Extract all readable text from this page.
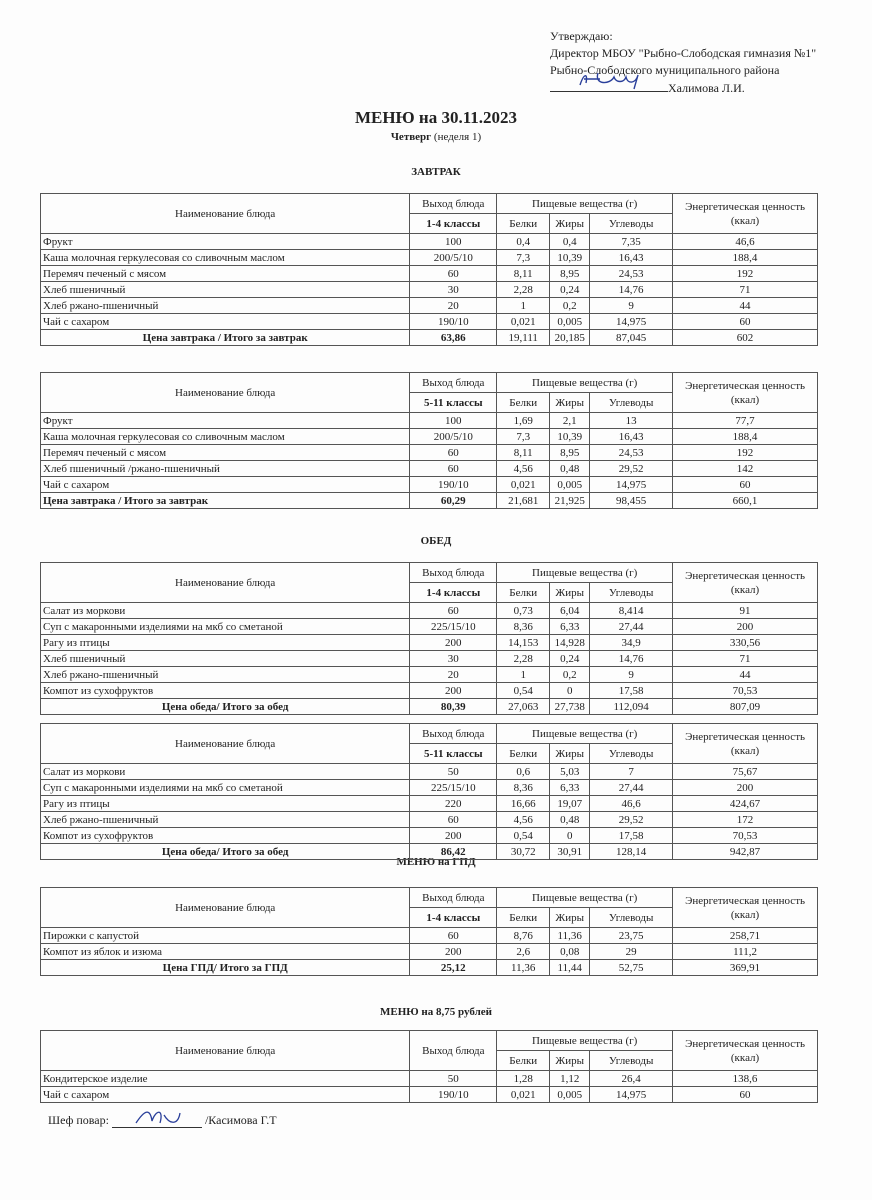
Утверждаю:
Директор МБОУ "Рыбно-Слободская гимназия №1"
Рыбно-Слободского муниципального района
Халимова Л.И.
МЕНЮ на 30.11.2023
Четверг (неделя 1)
ЗАВТРАК
ОБЕД
МЕНЮ на ГПД
МЕНЮ на 8,75 рублей
Наименование блюда	Выход блюда	Пищевые вещества (г)			Энергетическая ценность (ккал)
	1-4 классы	Белки	Жиры	Углеводы	
Фрукт	100	0,4	0,4	7,35	46,6
Каша молочная геркулесовая со сливочным маслом	200/5/10	7,3	10,39	16,43	188,4
Перемяч печеный с мясом	60	8,11	8,95	24,53	192
Хлеб пшеничный	30	2,28	0,24	14,76	71
Хлеб ржано-пшеничный	20	1	0,2	9	44
Чай с сахаром	190/10	0,021	0,005	14,975	60
Цена завтрака / Итого за завтрак	63,86	19,111	20,185	87,045	602
Наименование блюда	Выход блюда	Пищевые вещества (г)			Энергетическая ценность (ккал)
	5-11 классы	Белки	Жиры	Углеводы	
Фрукт	100	1,69	2,1	13	77,7
Каша молочная геркулесовая со сливочным маслом	200/5/10	7,3	10,39	16,43	188,4
Перемяч печеный с мясом	60	8,11	8,95	24,53	192
Хлеб пшеничный /ржано-пшеничный	60	4,56	0,48	29,52	142
Чай с сахаром	190/10	0,021	0,005	14,975	60
Цена завтрака / Итого за завтрак	60,29	21,681	21,925	98,455	660,1
Наименование блюда	Выход блюда	Пищевые вещества (г)			Энергетическая ценность (ккал)
	1-4 классы	Белки	Жиры	Углеводы	
Салат из моркови	60	0,73	6,04	8,414	91
Суп с макаронными изделиями на мкб со сметаной	225/15/10	8,36	6,33	27,44	200
Рагу из птицы	200	14,153	14,928	34,9	330,56
Хлеб пшеничный	30	2,28	0,24	14,76	71
Хлеб ржано-пшеничный	20	1	0,2	9	44
Компот из сухофруктов	200	0,54	0	17,58	70,53
Цена обеда/ Итого за обед	80,39	27,063	27,738	112,094	807,09
Наименование блюда	Выход блюда	Пищевые вещества (г)			Энергетическая ценность (ккал)
	5-11 классы	Белки	Жиры	Углеводы	
Салат из моркови	50	0,6	5,03	7	75,67
Суп с макаронными изделиями на мкб со сметаной	225/15/10	8,36	6,33	27,44	200
Рагу из птицы	220	16,66	19,07	46,6	424,67
Хлеб ржано-пшеничный	60	4,56	0,48	29,52	172
Компот из сухофруктов	200	0,54	0	17,58	70,53
Цена обеда/ Итого за обед	86,42	30,72	30,91	128,14	942,87
Наименование блюда	Выход блюда	Пищевые вещества (г)			Энергетическая ценность (ккал)
	1-4 классы	Белки	Жиры	Углеводы	
Пирожки с капустой	60	8,76	11,36	23,75	258,71
Компот из яблок и изюма	200	2,6	0,08	29	111,2
Цена ГПД/ Итого за ГПД	25,12	11,36	11,44	52,75	369,91
Наименование блюда	Выход блюда	Пищевые вещества (г)			Энергетическая ценность (ккал)
		Белки	Жиры	Углеводы	
Кондитерское изделие	50	1,28	1,12	26,4	138,6
Чай с сахаром	190/10	0,021	0,005	14,975	60
Шеф повар:	/Касимова Г.Т
